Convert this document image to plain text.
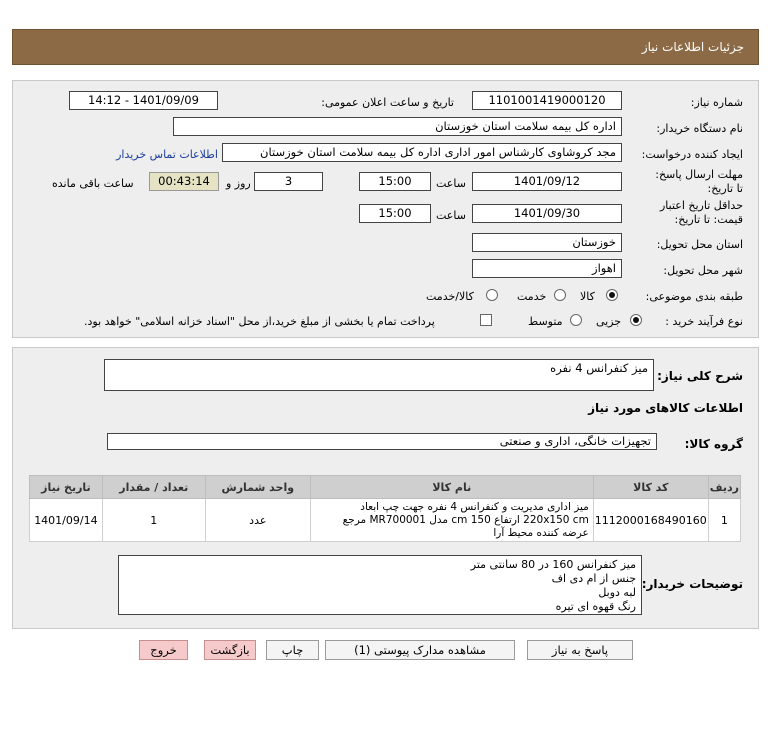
جزئیات اطلاعات نیاز
شماره نیاز:
1101001419000120
تاریخ و ساعت اعلان عمومی:
1401/09/09 - 14:12
نام دستگاه خریدار:
اداره کل بیمه سلامت استان خوزستان
ایجاد کننده درخواست:
مجد کروشاوی کارشناس امور اداری اداره کل بیمه سلامت استان خوزستان
اطلاعات تماس خریدار
مهلت ارسال پاسخ: تا تاریخ:
1401/09/12
ساعت
15:00
3
روز و
00:43:14
ساعت باقی مانده
حداقل تاریخ اعتبار قیمت: تا تاریخ:
1401/09/30
ساعت
15:00
استان محل تحویل:
خوزستان
شهر محل تحویل:
اهواز
طبقه بندی موضوعی:
کالا
خدمت
کالا/خدمت
نوع فرآیند خرید :
جزیی
متوسط
پرداخت تمام یا بخشی از مبلغ خرید،از محل "اسناد خزانه اسلامی" خواهد بود.
شرح کلی نیاز:
میز کنفرانس 4 نفره
اطلاعات کالاهای مورد نیاز
گروه کالا:
تجهیزات خانگی، اداری و صنعتی
ردیف	کد کالا	نام کالا	واحد شمارش	تعداد / مقدار	تاریخ نیاز
1	1112000168490160	میز اداری مدیریت و کنفرانس 4 نفره جهت چپ ابعاد 220x150 cm ارتفاع 150 cm مدل MR700001 مرجع عرضه کننده محیط آرا	عدد	1	1401/09/14
توضیحات خریدار:
میز کنفرانس 160 در 80 سانتی متر
جنس از ام دی اف
لبه دوبل
رنگ قهوه ای تیره
پاسخ به نیاز
مشاهده مدارک پیوستی (1)
چاپ
بازگشت
خروج
